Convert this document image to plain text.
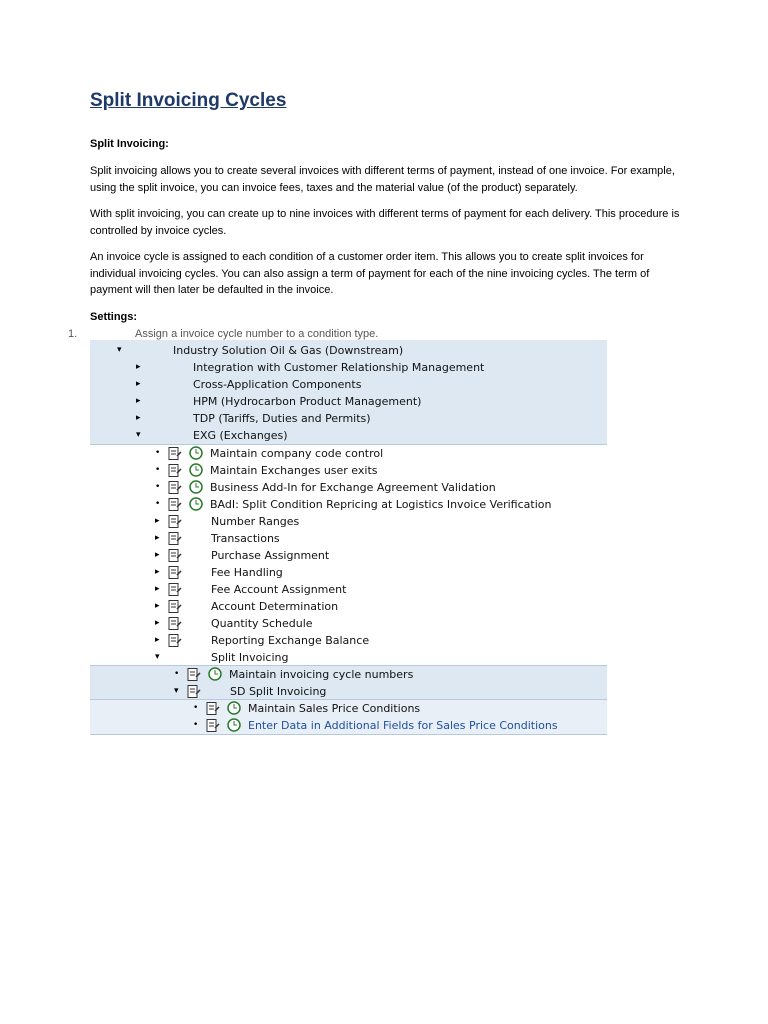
Split Invoicing Cycles
Split Invoicing:
Split invoicing allows you to create several invoices with different terms of payment, instead of one invoice. For example, using the split invoice, you can invoice fees, taxes and the material value (of the product) separately.
With split invoicing, you can create up to nine invoices with different terms of payment for each delivery. This procedure is controlled by invoice cycles.
An invoice cycle is assigned to each condition of a customer order item. This allows you to create split invoices for individual invoicing cycles. You can also assign a term of payment for each of the nine invoicing cycles. The term of payment will then later be defaulted in the invoice.
Settings:
1.	Assign a invoice cycle number to a condition type.
▾	Industry Solution Oil & Gas (Downstream)
▸	Integration with Customer Relationship Management
▸	Cross-Application Components
▸	HPM (Hydrocarbon Product Management)
▸	TDP (Tariffs, Duties and Permits)
▾	EXG (Exchanges)
•	Maintain company code control
•	Maintain Exchanges user exits
•	Business Add-In for Exchange Agreement Validation
•	BAdI: Split Condition Repricing at Logistics Invoice Verification
▸	Number Ranges
▸	Transactions
▸	Purchase Assignment
▸	Fee Handling
▸	Fee Account Assignment
▸	Account Determination
▸	Quantity Schedule
▸	Reporting Exchange Balance
▾	Split Invoicing
•	Maintain invoicing cycle numbers
▾	SD Split Invoicing
•	Maintain Sales Price Conditions
•	Enter Data in Additional Fields for Sales Price Conditions
